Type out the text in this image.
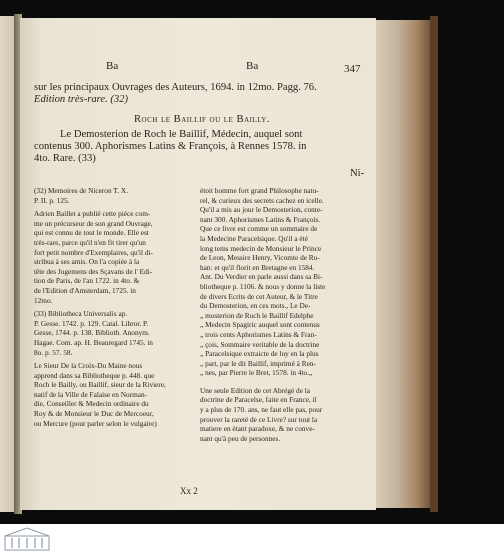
Ba	Ba	347

sur les principaux Ouvrages des Auteurs, 1694. in 12mo. Pagg. 76.

Edition très-rare. (32)

Roch le Baillif ou le Bailly.

Le Demosterion de Roch le Baillif, Médecin, auquel sont

contenus 300. Aphorismes Latins & François, à Rennes 1578. in

4to. Rare. (33)

Ni-
(32) Memoires de Niceron T. X.
P. II. p. 125.
Adrien Baillet a publié cette piéce com-
me un précurseur de son grand Ouvrage,
qui est connu de tout le monde. Elle est
très-rare, parce qu'il n'en fit tirer qu'un
fort petit nombre d'Exemplaires, qu'il di-
stribua à ses amis. On l'a copiée à la
tête des Jugemens des Sçavans de l' Edi-
tion de Paris, de l'an 1722. in 4to. &
de l'Edition d'Amsterdam, 1725. in
12mo.
(33) Bibliotheca Universalis ap.
P. Gesse. 1742. p. 129. Catal. Libror. P.
Gesse, 1744. p. 138. Biblioth. Anonym.
Hagae. Com. ap. H. Beauregard 1745. in
8o. p. 57. 58.
Le Sieur De la Croix-Du Maine nous
apprend dans sa Bibliotheque p. 448. que
Roch le Bailly, ou Baillif, sieur de la Riviere,
natif de la Ville de Falaise en Norman-
die, Conseiller & Medecin ordinaire du
Roy & de Monsieur le Duc de Mercoeur,
ou Mercure (pour parler selon le vulgaire)
étoit homme fort grand Philosophe natu-
rel, & curieux des secrets cachez en icelle.
Qu'il a mis au jour le Demosterion, conte-
nant 300. Aphorismes Latins & François.
Que ce livre est comme un sommaire de
la Medecine Paracelsique. Qu'il a été
long tems medecin de Monsieur le Prince
de Leon, Messire Henry, Vicomte de Ro-
han: et qu'il florit en Bretagne en 1584.
Ant. Du Verdier en parle aussi dans sa Bi-
bliotheque p. 1106. & nous y donne la liste
de divers Ecrits de cet Auteur, & le Titre
du Demosterion, en ces mots., Le De-
„ mosterion de Roch le Baillif Edelphe
„ Medecin Spagiric auquel sont contenus
„ trois cents Aphorismes Latins & Fran-
„ çois, Sommaire veritable de la doctrine
„ Paracelsique extraicte de luy en la plus
„ part, par le dit Baillif, imprimé à Ren-
„ nes, par Pierre le Bret, 1578. in 4to.„
Une seule Edition de cet Abrégé de la
doctrine de Paracelse, faite en France, il
y a plus de 170. ans, ne faut elle pas, pour
prouver la rareté de ce Livre? sur tout la
matiere en étant paradoxe, & ne conve-
nant qu'à peu de personnes.
Xx 2
